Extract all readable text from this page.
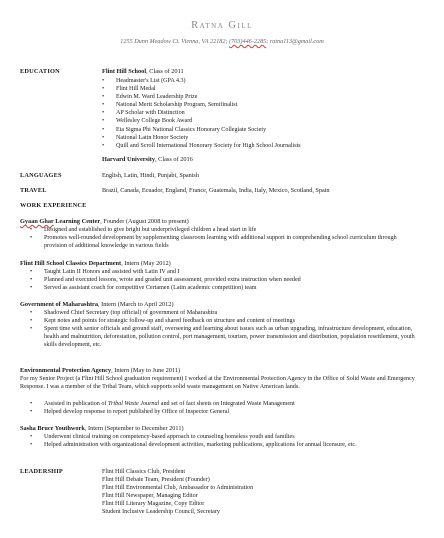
Ratna Gill
1255 Dunn Meadow Ct. Vienna, VA 22182; (703)446-2285; ratna113@gmail.com
EDUCATION	Flint Hill School, Class of 2011
• Headmaster's List (GPA 4.3)
• Flint Hill Medal
• Edwin M. Ward Leadership Prize
• National Merit Scholarship Program, Semifinalist
• AP Scholar with Distinction
• Wellesley College Book Award
• Eta Sigma Phi National Classics Honorary Collegiate Society
• National Latin Honor Society
• Quill and Scroll International Honorary Society for High School Journalists
Harvard University, Class of 2016
LANGUAGES	English, Latin, Hindi, Punjabi, Spanish
TRAVEL	Brazil, Canada, Ecuador, England, France, Guatemala, India, Italy, Mexico, Scotland, Spain
WORK EXPERIENCE
Gyaan Ghar Learning Center, Founder (August 2008 to present)
• Designed and established to give bright but underprivileged children a head start in life
• Promotes well-rounded development by supplementing classroom learning with additional support in comprehending school curriculum through provision of additional knowledge in various fields
Flint Hill School Classics Department, Intern (May 2012)
• Taught Latin II Honors and assisted with Latin IV and I
• Planned and executed lessons, wrote and graded unit assessment, provided extra instruction when needed
• Served as assistant coach for competitive Certamen (Latin academic competition) team
Government of Maharashtra, Intern (March to April 2012)
• Shadowed Chief Secretary (top official) of government of Maharashtra
• Kept notes and points for strategic follow-up and shared feedback on structure and content of meetings
• Spent time with senior officials and ground staff, overseeing and learning about issues such as urban upgrading, infrastructure development, education, health and malnutrition, deforestation, pollution control, port management, tourism, power transmission and distribution, population resettlement, youth skills development, etc.
Environmental Protection Agency, Intern (May to June 2011)
For my Senior Project (a Flint Hill School graduation requirement) I worked at the Environmental Protection Agency in the Office of Solid Waste and Emergency Response. I was a member of the Tribal Team, which supports solid waste management on Native American lands.
• Assisted in publication of Tribal Waste Journal and set of fact sheets on Integrated Waste Management
• Helped develop response to report published by Office of Inspector General
Sasha Bruce Youthwork, Intern (September to December 2011)
• Underwent clinical training on competency-based approach to counseling homeless youth and families
• Helped administration with organizational development activities, marketing publications, applications for annual licensure, etc.
LEADERSHIP	Flint Hill Classics Club, President
Flint Hill Debate Team, President (Founder)
Flint Hill Environmental Club, Ambassador to Administration
Flint Hill Newspaper, Managing Editor
Flint Hill Literary Magazine, Copy Editor
Student Inclusive Leadership Council, Secretary
